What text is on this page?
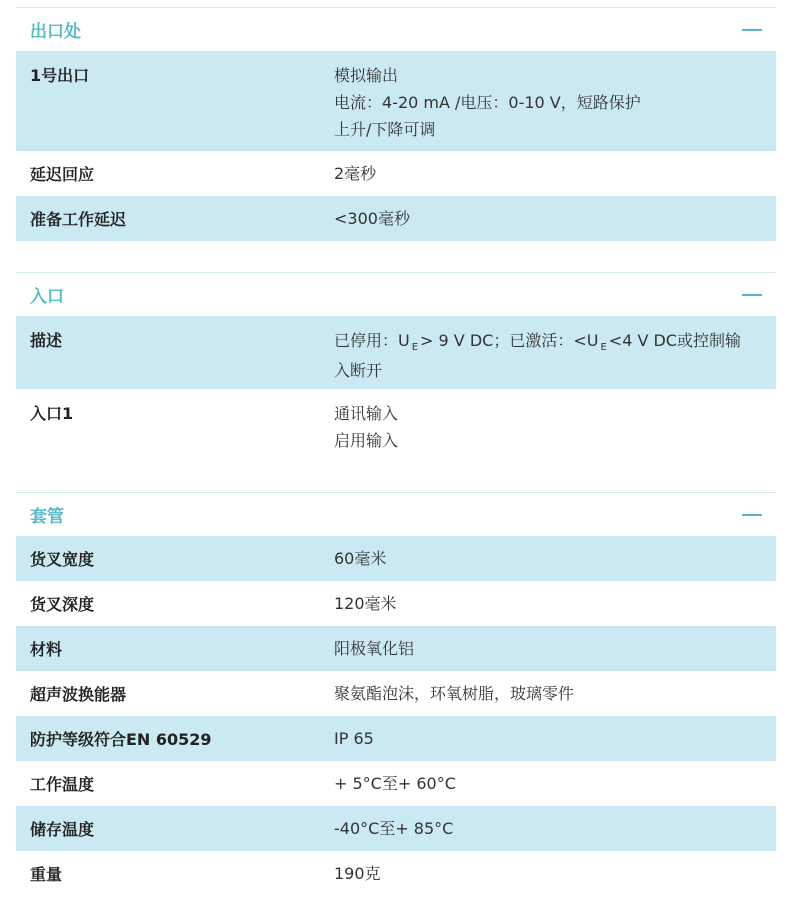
出口处
1号出口	模拟输出
电流：4-20 mA /电压：0-10 V，短路保护
上升/下降可调
延迟回应	2毫秒
准备工作延迟	<300毫秒
入口
描述	已停用：U $_E$ > 9 V DC；已激活：<U $_E$ <4 V DC或控制输
入断开
入口1	通讯输入
启用输入
套管
货叉宽度	60毫米
货叉深度	120毫米
材料	阳极氧化铝
超声波换能器	聚氨酯泡沫，环氧树脂，玻璃零件
防护等级符合EN 60529	IP 65
工作温度	+ 5°C至+ 60°C
储存温度	-40°C至+ 85°C
重量	190克
